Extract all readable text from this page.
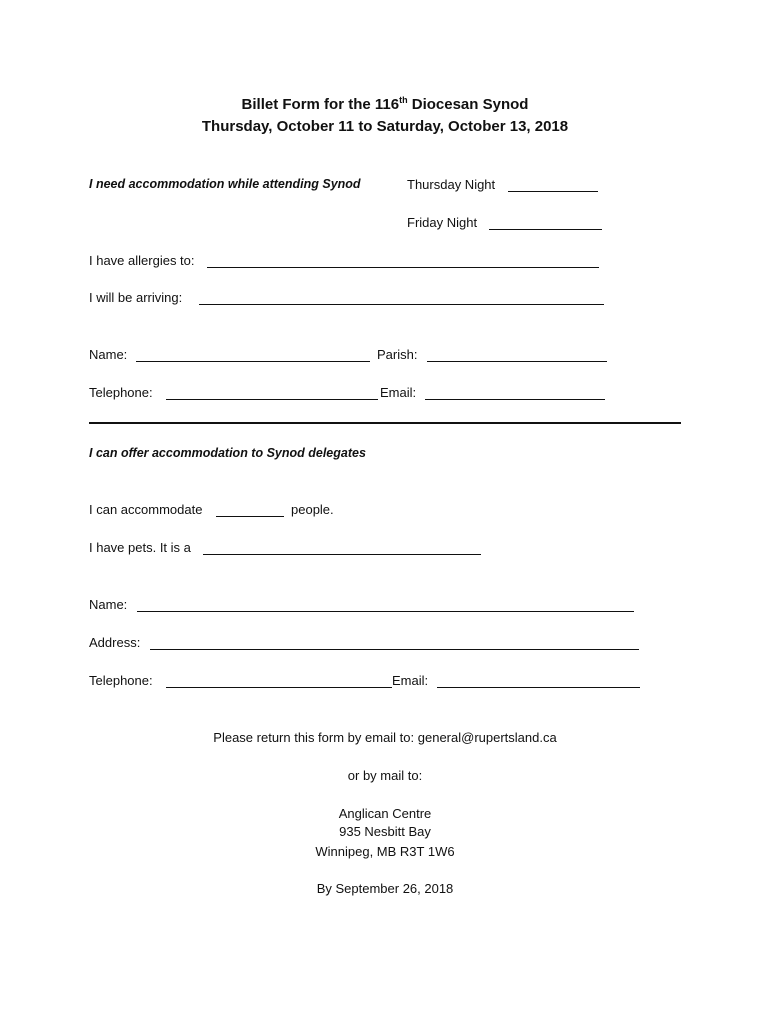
Billet Form for the 116th Diocesan Synod
Thursday, October 11 to Saturday, October 13, 2018
I need accommodation while attending Synod	Thursday Night
Friday Night
I have allergies to:
I will be arriving:
Name:	Parish:
Telephone:	Email:
I can offer accommodation to Synod delegates
I can accommodate	people.
I have pets. It is a
Name:
Address:
Telephone:	Email:
Please return this form by email to: general@rupertsland.ca
or by mail to:
Anglican Centre
935 Nesbitt Bay
Winnipeg, MB R3T 1W6
By September 26, 2018
